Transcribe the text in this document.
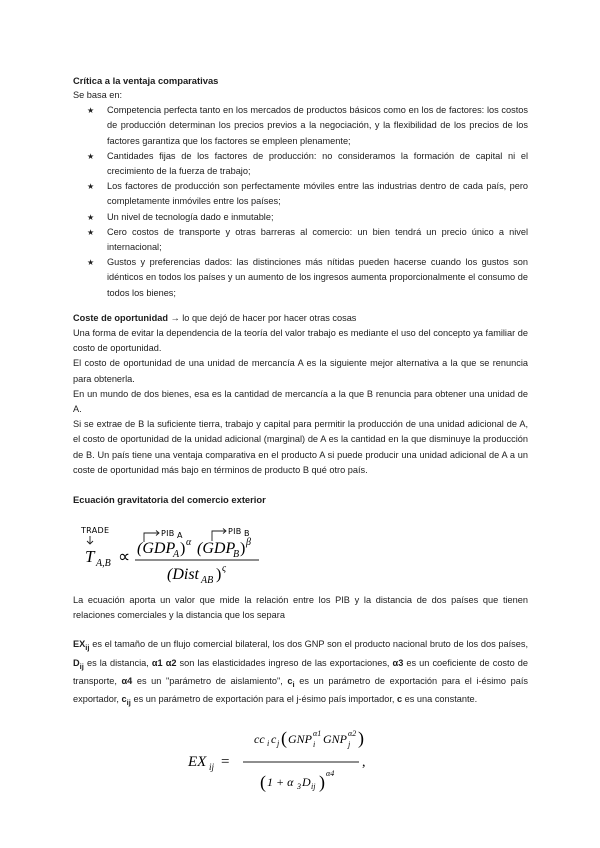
Crítica a la ventaja comparativas

Se basa en:

★ Competencia perfecta tanto en los mercados de productos básicos como en los de factores: los costos de producción determinan los precios previos a la negociación, y la flexibilidad de los precios de los factores garantiza que los factores se empleen plenamente;
★ Cantidades fijas de los factores de producción: no consideramos la formación de capital ni el crecimiento de la fuerza de trabajo;
★ Los factores de producción son perfectamente móviles entre las industrias dentro de cada país, pero completamente inmóviles entre los países;
★ Un nivel de tecnología dado e inmutable;
★ Cero costos de transporte y otras barreras al comercio: un bien tendrá un precio único a nivel internacional;
★ Gustos y preferencias dados: las distinciones más nítidas pueden hacerse cuando los gustos son idénticos en todos los países y un aumento de los ingresos aumenta proporcionalmente el consumo de todos los bienes;

Coste de oportunidad → lo que dejó de hacer por hacer otras cosas

Una forma de evitar la dependencia de la teoría del valor trabajo es mediante el uso del concepto ya familiar de costo de oportunidad.

El costo de oportunidad de una unidad de mercancía A es la siguiente mejor alternativa a la que se renuncia para obtenerla.

En un mundo de dos bienes, esa es la cantidad de mercancía a la que B renuncia para obtener una unidad de A.

Si se extrae de B la suficiente tierra, trabajo y capital para permitir la producción de una unidad adicional de A, el costo de oportunidad de la unidad adicional (marginal) de A es la cantidad en la que disminuye la producción de B. Un país tiene una ventaja comparativa en el producto A si puede producir una unidad adicional de A a un coste de oportunidad más bajo en términos de producto B qué otro país.

Ecuación gravitatoria del comercio exterior
TRADE	PIB A	PIB B
T A,B ∝ (GDP
A ) α (GDP
B ) β
(Dist AB ) ς

La ecuación aporta un valor que mide la relación entre los PIB y la distancia de dos países que tienen relaciones comerciales y la distancia que los separa

$EX_{ij}$ es el tamaño de un flujo comercial bilateral, los dos GNP son el producto nacional bruto de los dos países, $D_{ij}$ es la distancia, α1 α2 son las elasticidades ingreso de las exportaciones, α3 es un coeficiente de costo de transporte, α4 es un "parámetro de aislamiento", $c_i$ es un parámetro de exportación para el i-ésimo país exportador, $c_{ij}$ es un parámetro de exportación para el j-ésimo país importador, c es una constante.

EX ij =
cc i c j ( GNP α1
i GNP α2
j )
,
( 1 + α 3 D ij ) α4
